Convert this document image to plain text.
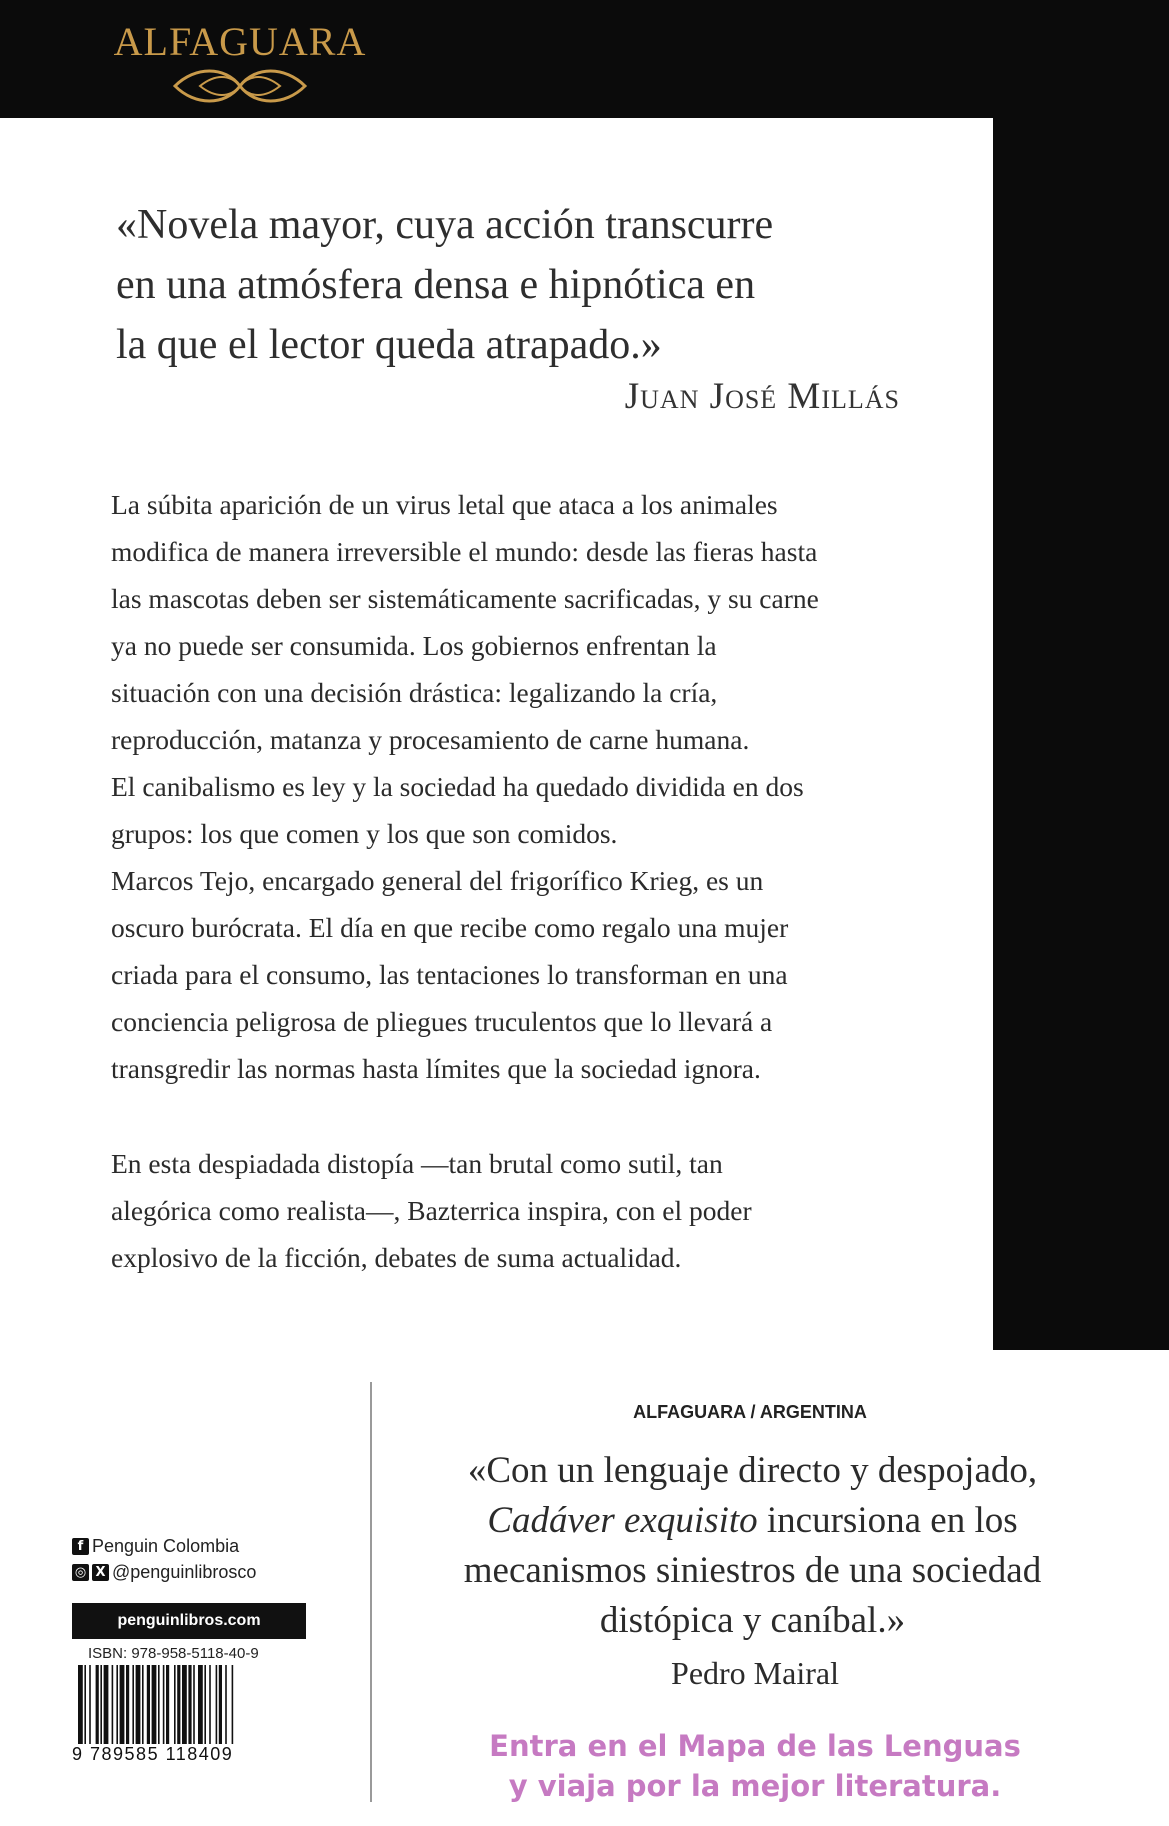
ALFAGUARA
«Novela mayor, cuya acción transcurre
en una atmósfera densa e hipnótica en
la que el lector queda atrapado.»
Juan José Millás
La súbita aparición de un virus letal que ataca a los animales
modifica de manera irreversible el mundo: desde las fieras hasta
las mascotas deben ser sistemáticamente sacrificadas, y su carne
ya no puede ser consumida. Los gobiernos enfrentan la
situación con una decisión drástica: legalizando la cría,
reproducción, matanza y procesamiento de carne humana.
El canibalismo es ley y la sociedad ha quedado dividida en dos
grupos: los que comen y los que son comidos.
Marcos Tejo, encargado general del frigorífico Krieg, es un
oscuro burócrata. El día en que recibe como regalo una mujer
criada para el consumo, las tentaciones lo transforman en una
conciencia peligrosa de pliegues truculentos que lo llevará a
transgredir las normas hasta límites que la sociedad ignora.
En esta despiadada distopía —tan brutal como sutil, tan
alegórica como realista—, Bazterrica inspira, con el poder
explosivo de la ficción, debates de suma actualidad.
f Penguin Colombia
◎ X @penguinlibrosco
penguinlibros.com
ISBN: 978-958-5118-40-9
9 789585 118409
ALFAGUARA / ARGENTINA
«Con un lenguaje directo y despojado,
Cadáver exquisito incursiona en los
mecanismos siniestros de una sociedad
distópica y caníbal.»
Pedro Mairal
Entra en el Mapa de las Lenguas
y viaja por la mejor literatura.
